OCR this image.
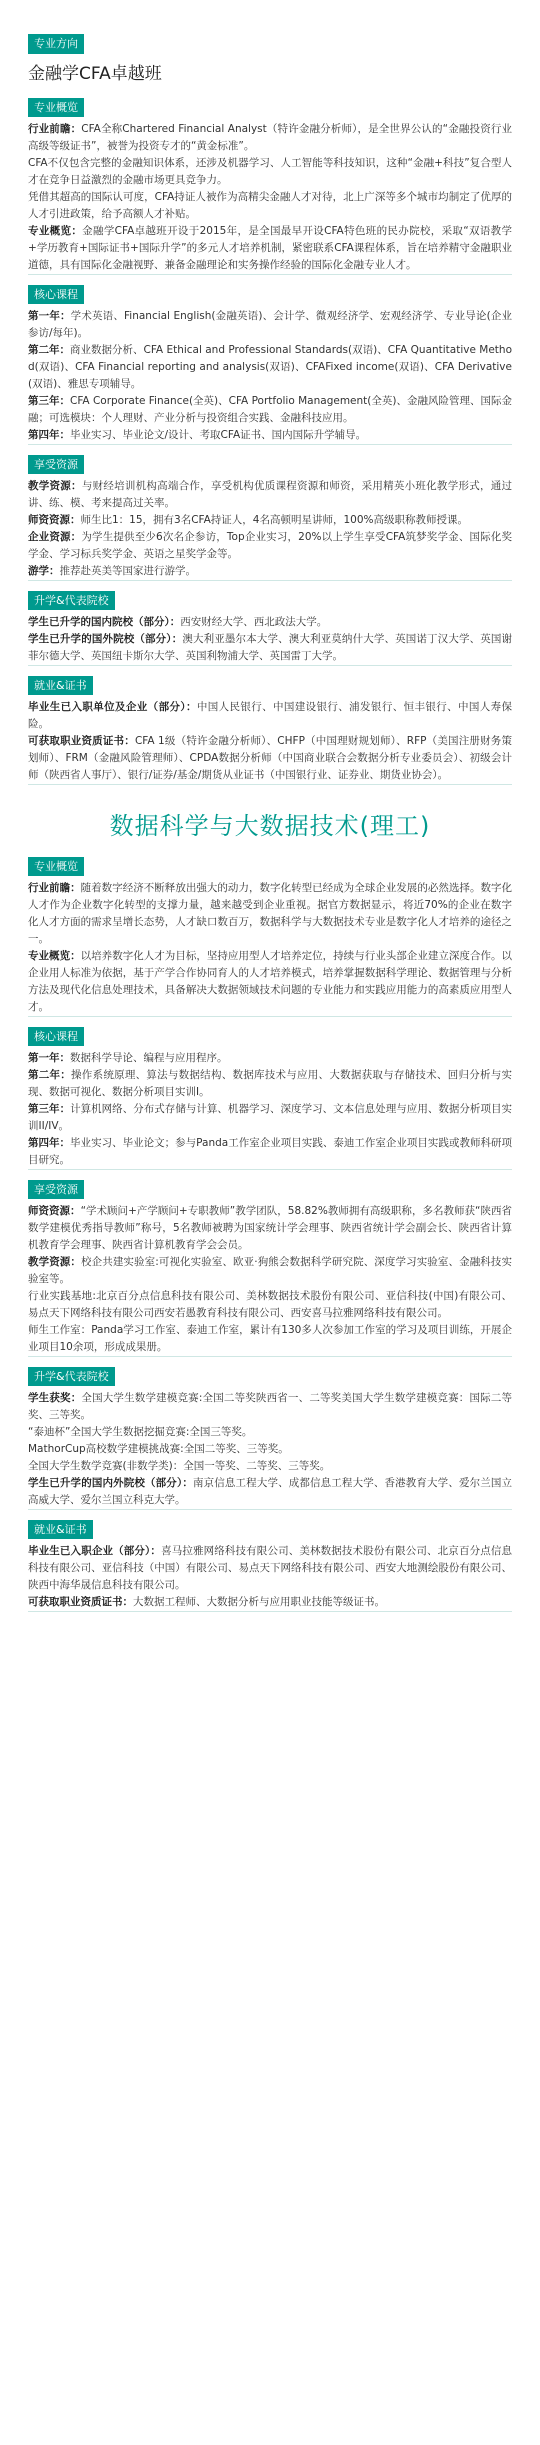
专业方向
金融学CFA卓越班
专业概览

行业前瞻：CFA全称Chartered Financial Analyst（特许金融分析师），是全世界公认的“金融投资行业高级等级证书”，被誉为投资专才的“黄金标准”。

CFA不仅包含完整的金融知识体系，还涉及机器学习、人工智能等科技知识，这种“金融+科技”复合型人才在竞争日益激烈的金融市场更具竞争力。

凭借其超高的国际认可度，CFA持证人被作为高精尖金融人才对待，北上广深等多个城市均制定了优厚的人才引进政策，给予高额人才补贴。

专业概览：金融学CFA卓越班开设于2015年，是全国最早开设CFA特色班的民办院校，采取“双语教学+学历教育+国际证书+国际升学”的多元人才培养机制，紧密联系CFA课程体系，旨在培养精守金融职业道德，具有国际化金融视野、兼备金融理论和实务操作经验的国际化金融专业人才。

核心课程

第一年：学术英语、Financial English(金融英语)、会计学、微观经济学、宏观经济学、专业导论(企业参访/每年)。

第二年：商业数据分析、CFA Ethical and Professional Standards(双语)、CFA Quantitative Method(双语)、CFA Financial reporting and analysis(双语)、CFAFixed income(双语)、CFA Derivative(双语)、雅思专项辅导。

第三年：CFA Corporate Finance(全英)、CFA Portfolio Management(全英)、金融风险管理、国际金融；可选模块：个人理财、产业分析与投资组合实践、金融科技应用。

第四年：毕业实习、毕业论文/设计、考取CFA证书、国内国际升学辅导。

享受资源

教学资源：与财经培训机构高端合作，享受机构优质课程资源和师资，采用精英小班化教学形式，通过讲、练、模、考来提高过关率。

师资资源：师生比1：15，拥有3名CFA持证人，4名高顿明星讲师，100%高级职称教师授课。

企业资源：为学生提供至少6次名企参访，Top企业实习，20%以上学生享受CFA筑梦奖学金、国际化奖学金、学习标兵奖学金、英语之星奖学金等。

游学：推荐赴英美等国家进行游学。

升学&代表院校

学生已升学的国内院校（部分）：西安财经大学、西北政法大学。

学生已升学的国外院校（部分）：澳大利亚墨尔本大学、澳大利亚莫纳什大学、英国诺丁汉大学、英国谢菲尔德大学、英国纽卡斯尔大学、英国利物浦大学、英国雷丁大学。

就业&证书

毕业生已入职单位及企业（部分）：中国人民银行、中国建设银行、浦发银行、恒丰银行、中国人寿保险。

可获取职业资质证书：CFA 1级（特许金融分析师）、CHFP（中国理财规划师）、RFP（美国注册财务策划师）、FRM（金融风险管理师）、CPDA数据分析师（中国商业联合会数据分析专业委员会）、初级会计师（陕西省人事厅）、银行/证券/基金/期货从业证书（中国银行业、证券业、期货业协会）。

数据科学与大数据技术(理工)
专业概览

行业前瞻：随着数字经济不断释放出强大的动力，数字化转型已经成为全球企业发展的必然选择。数字化人才作为企业数字化转型的支撑力量，越来越受到企业重视。据官方数据显示，将近70%的企业在数字化人才方面的需求呈增长态势，人才缺口数百万，数据科学与大数据技术专业是数字化人才培养的途径之一。

专业概览：以培养数字化人才为目标，坚持应用型人才培养定位，持续与行业头部企业建立深度合作。以企业用人标准为依据，基于产学合作协同育人的人才培养模式，培养掌握数据科学理论、数据管理与分析方法及现代化信息处理技术，具备解决大数据领域技术问题的专业能力和实践应用能力的高素质应用型人才。

核心课程

第一年：数据科学导论、编程与应用程序。

第二年：操作系统原理、算法与数据结构、数据库技术与应用、大数据获取与存储技术、回归分析与实现、数据可视化、数据分析项目实训I。

第三年：计算机网络、分布式存储与计算、机器学习、深度学习、文本信息处理与应用、数据分析项目实训II/IV。

第四年：毕业实习、毕业论文；参与Panda工作室企业项目实践、泰迪工作室企业项目实践或教师科研项目研究。

享受资源

师资资源：“学术顾问+产学顾问+专职教师”教学团队，58.82%教师拥有高级职称，多名教师获“陕西省数学建模优秀指导教师”称号，5名教师被聘为国家统计学会理事、陕西省统计学会副会长、陕西省计算机教育学会理事、陕西省计算机教育学会会员。

教学资源：校企共建实验室:可视化实验室、欧亚·狗熊会数据科学研究院、深度学习实验室、金融科技实验室等。

行业实践基地:北京百分点信息科技有限公司、美林数据技术股份有限公司、亚信科技(中国)有限公司、易点天下网络科技有限公司西安若愚教育科技有限公司、西安喜马拉雅网络科技有限公司。

师生工作室：Panda学习工作室、泰迪工作室，累计有130多人次参加工作室的学习及项目训练，开展企业项目10余项，形成成果册。

升学&代表院校

学生获奖：全国大学生数学建模竞赛:全国二等奖陕西省一、二等奖美国大学生数学建模竞赛：国际二等奖、三等奖。

“泰迪杯”全国大学生数据挖掘竞赛:全国三等奖。

MathorCup高校数学建模挑战赛:全国二等奖、三等奖。

全国大学生数学竞赛(非数学类)：全国一等奖、二等奖、三等奖。

学生已升学的国内外院校（部分）：南京信息工程大学、成都信息工程大学、香港教育大学、爱尔兰国立高威大学、爱尔兰国立科克大学。

就业&证书

毕业生已入职企业（部分）：喜马拉雅网络科技有限公司、美林数据技术股份有限公司、北京百分点信息科技有限公司、亚信科技（中国）有限公司、易点天下网络科技有限公司、西安大地测绘股份有限公司、陕西中海华晟信息科技有限公司。

可获取职业资质证书：大数据工程师、大数据分析与应用职业技能等级证书。
